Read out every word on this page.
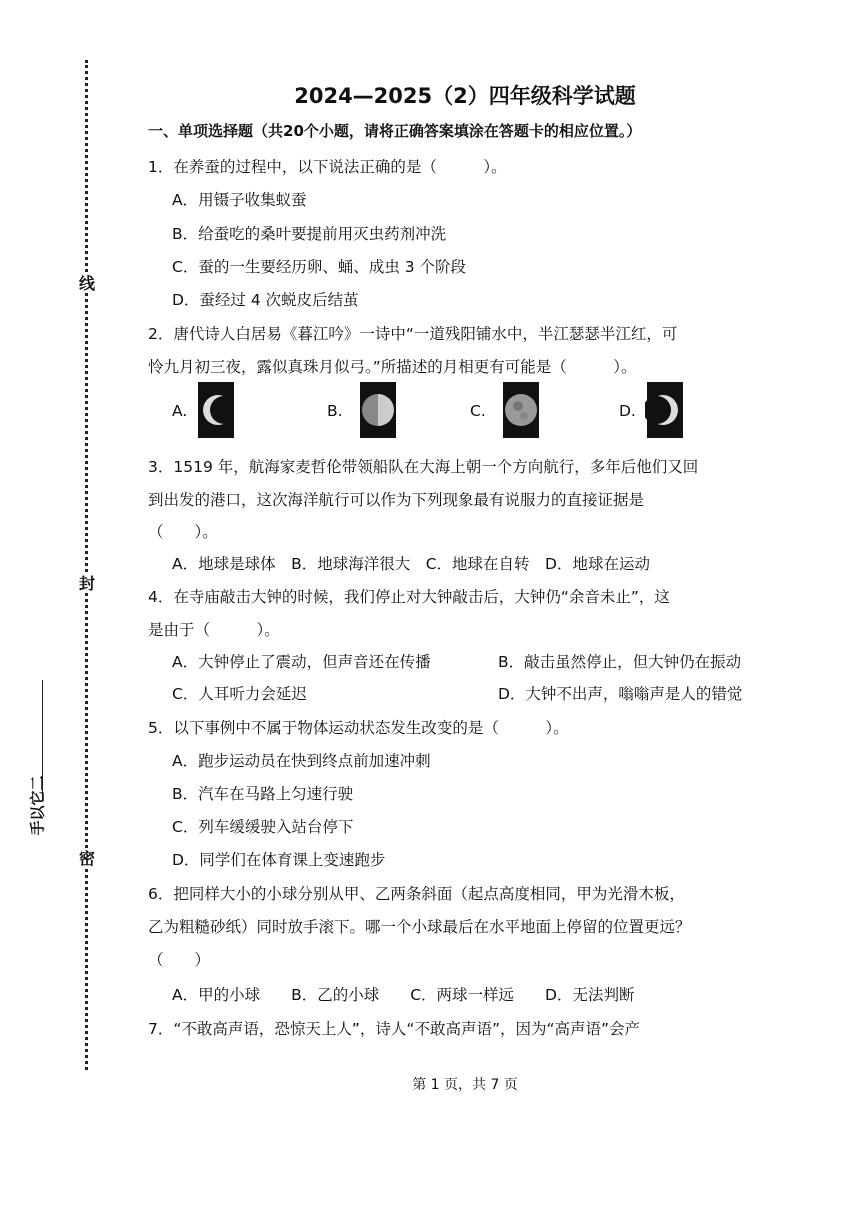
线
封
密
手以它二
2024—2025（2）四年级科学试题
一、单项选择题（共20个小题，请将正确答案填涂在答题卡的相应位置。）
1．在养蚕的过程中，以下说法正确的是（　　　）。
A．用镊子收集蚁蚕
B．给蚕吃的桑叶要提前用灭虫药剂冲洗
C．蚕的一生要经历卵、蛹、成虫 3 个阶段
D．蚕经过 4 次蜕皮后结茧
2．唐代诗人白居易《暮江吟》一诗中“一道残阳铺水中，半江瑟瑟半江红，可
怜九月初三夜，露似真珠月似弓。”所描述的月相更有可能是（　　　）。
A.	B.	C.	D.
3．1519 年，航海家麦哲伦带领船队在大海上朝一个方向航行，多年后他们又回
到出发的港口，这次海洋航行可以作为下列现象最有说服力的直接证据是
（　　）。
A．地球是球体　B．地球海洋很大　C．地球在自转　D．地球在运动
4．在寺庙敲击大钟的时候，我们停止对大钟敲击后，大钟仍“余音未止”，这
是由于（　　　）。
A．大钟停止了震动，但声音还在传播	B．敲击虽然停止，但大钟仍在振动
C．人耳听力会延迟	D．大钟不出声，嗡嗡声是人的错觉
5．以下事例中不属于物体运动状态发生改变的是（　　　）。
A．跑步运动员在快到终点前加速冲刺
B．汽车在马路上匀速行驶
C．列车缓缓驶入站台停下
D．同学们在体育课上变速跑步
6．把同样大小的小球分别从甲、乙两条斜面（起点高度相同，甲为光滑木板，
乙为粗糙砂纸）同时放手滚下。哪一个小球最后在水平地面上停留的位置更远？
（　　）
A．甲的小球　　B．乙的小球　　C．两球一样远　　D．无法判断
7．“不敢高声语，恐惊天上人”，诗人“不敢高声语”，因为“高声语”会产
第 1 页，共 7 页
